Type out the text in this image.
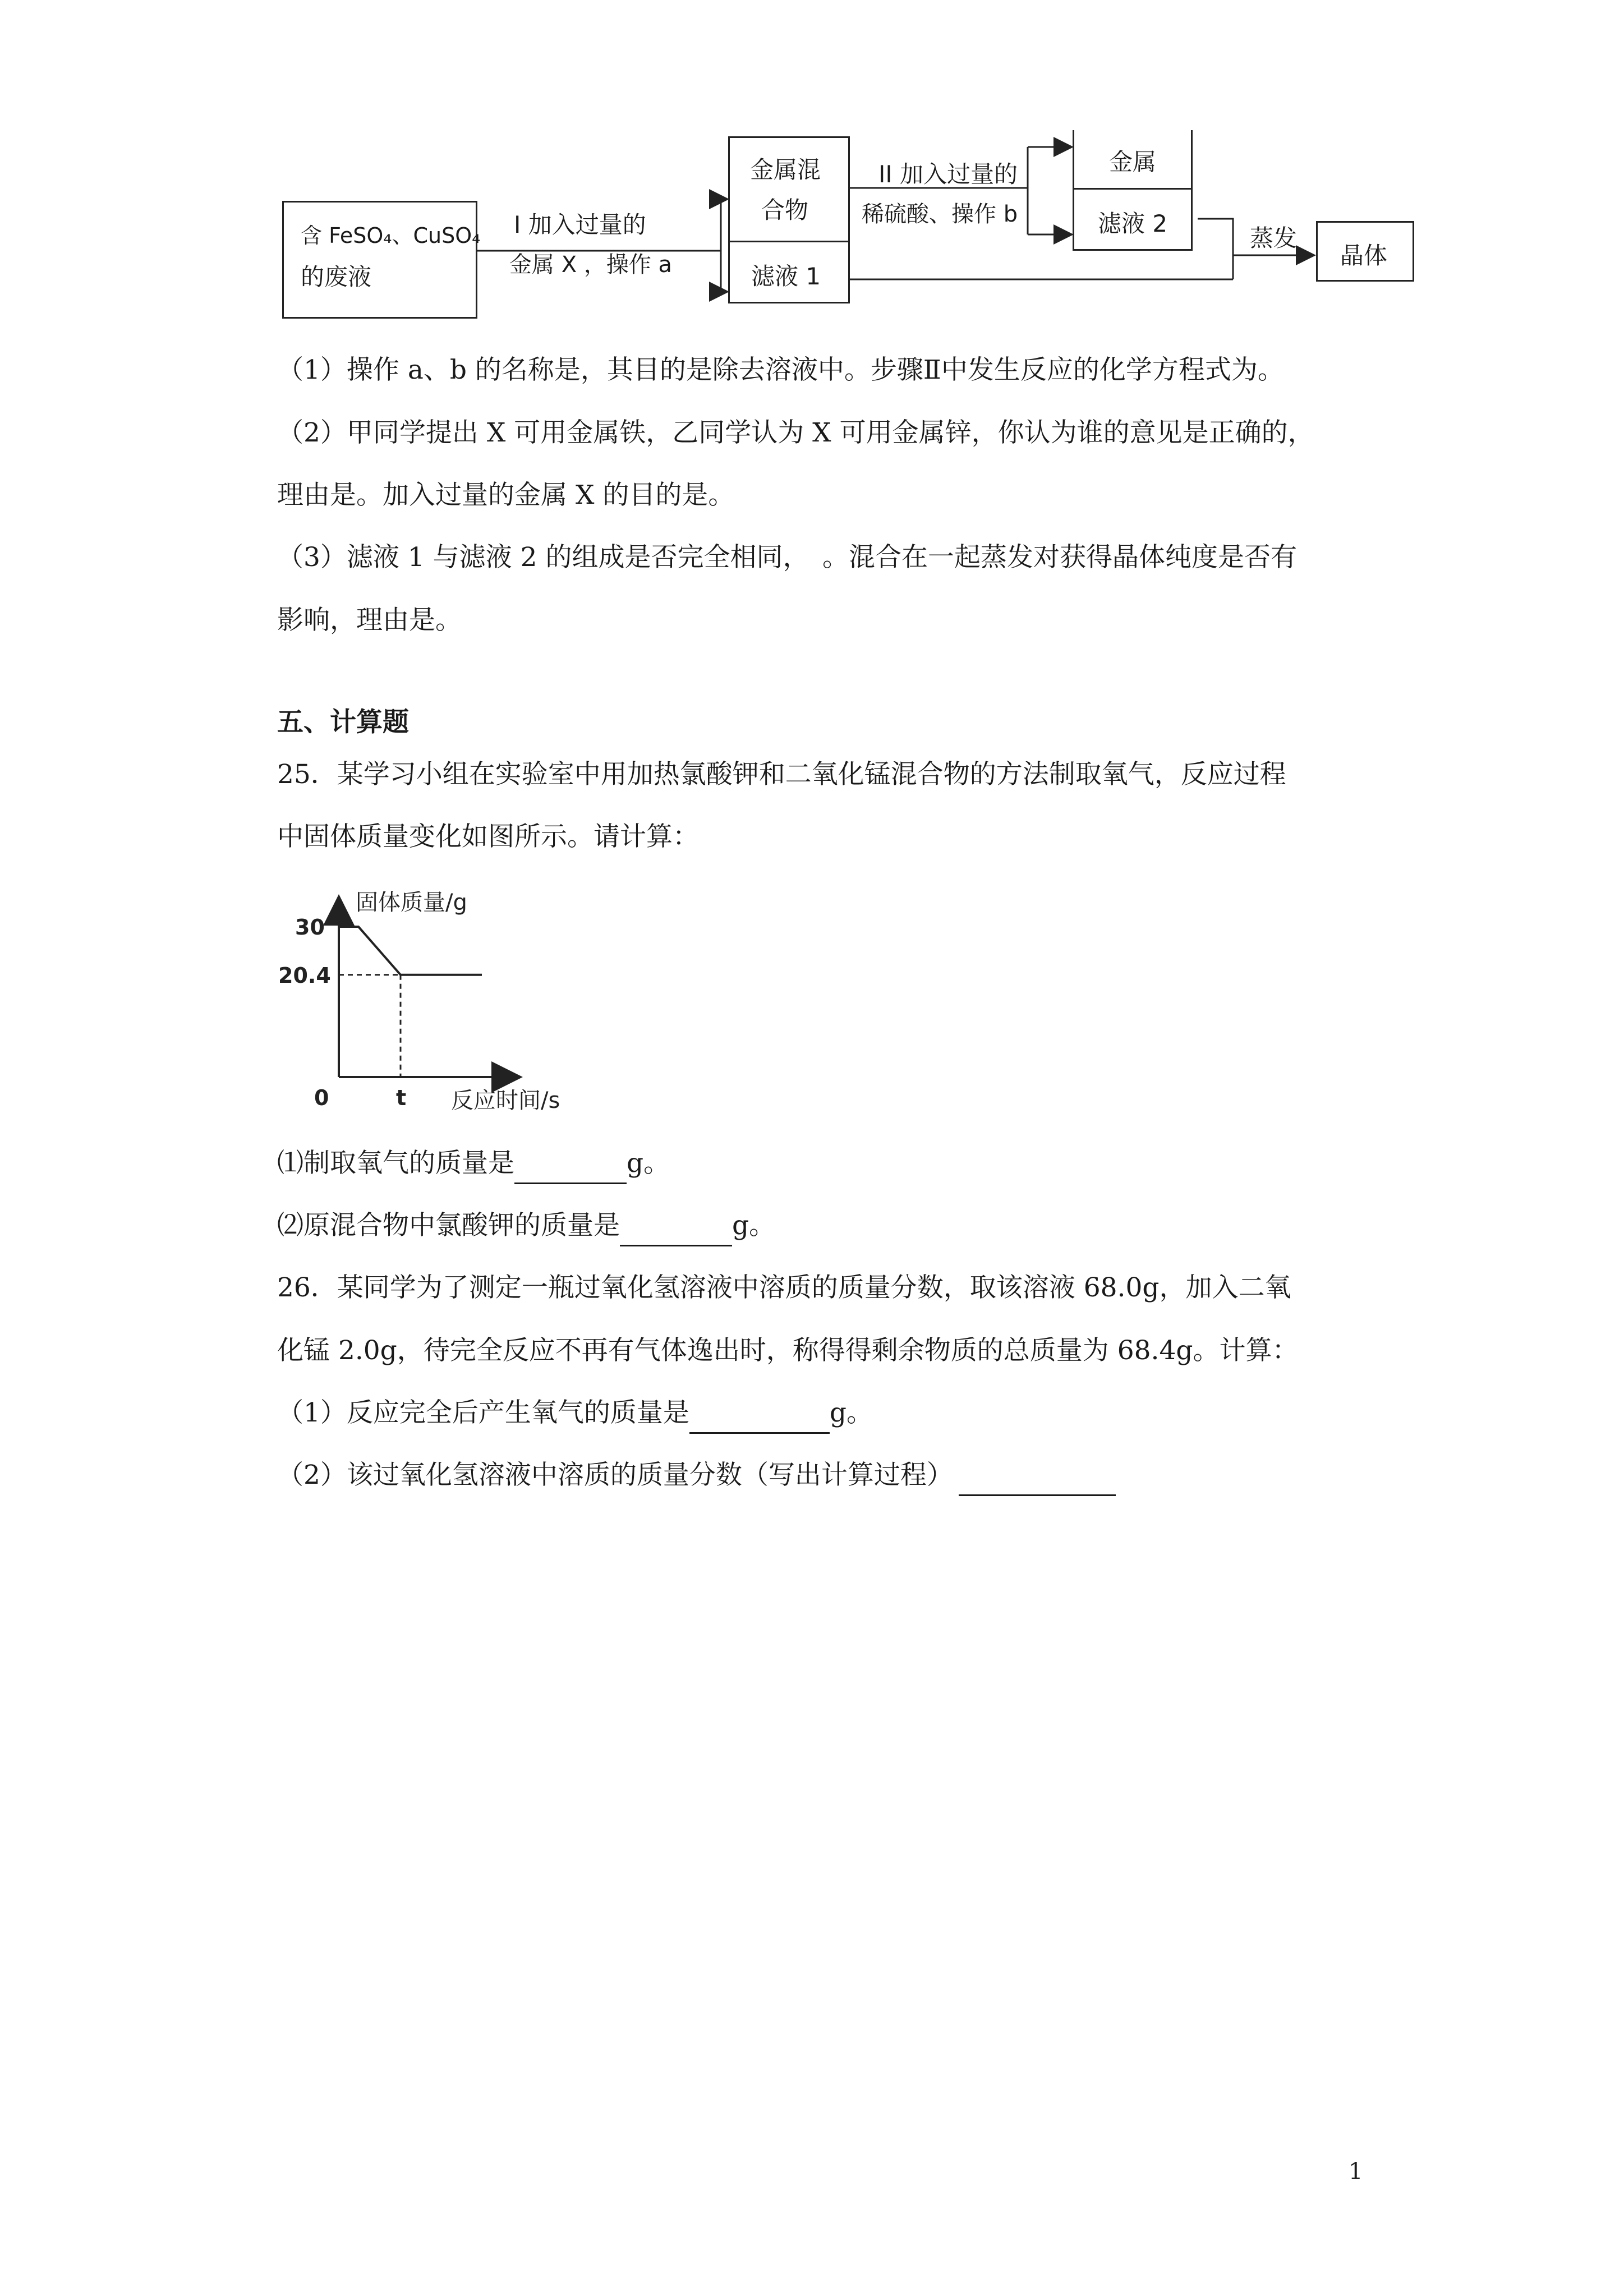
含 FeSO₄、CuSO₄
的废液
I 加入过量的
金属 X ，操作 a
金属混
合物
滤液 1
II 加入过量的
稀硫酸、操作 b
金属
滤液 2
蒸发
晶体
（1）操作 a、b 的名称是，其目的是除去溶液中。步骤Ⅱ中发生反应的化学方程式为。
（2）甲同学提出 X 可用金属铁，乙同学认为 X 可用金属锌，你认为谁的意见是正确的，
理由是。加入过量的金属 X 的目的是。
（3）滤液 1 与滤液 2 的组成是否完全相同，　。混合在一起蒸发对获得晶体纯度是否有
影响，理由是。
五、计算题
25．某学习小组在实验室中用加热氯酸钾和二氧化锰混合物的方法制取氧气，反应过程
中固体质量变化如图所示。请计算：
固体质量/g
反应时间/s
0
30
20.4
t
⑴制取氧气的质量是	g。
⑵原混合物中氯酸钾的质量是	g。
26．某同学为了测定一瓶过氧化氢溶液中溶质的质量分数，取该溶液 68.0g，加入二氧
化锰 2.0g，待完全反应不再有气体逸出时，称得得剩余物质的总质量为 68.4g。计算：
（1）反应完全后产生氧气的质量是	g。
（2）该过氧化氢溶液中溶质的质量分数（写出计算过程）
1
